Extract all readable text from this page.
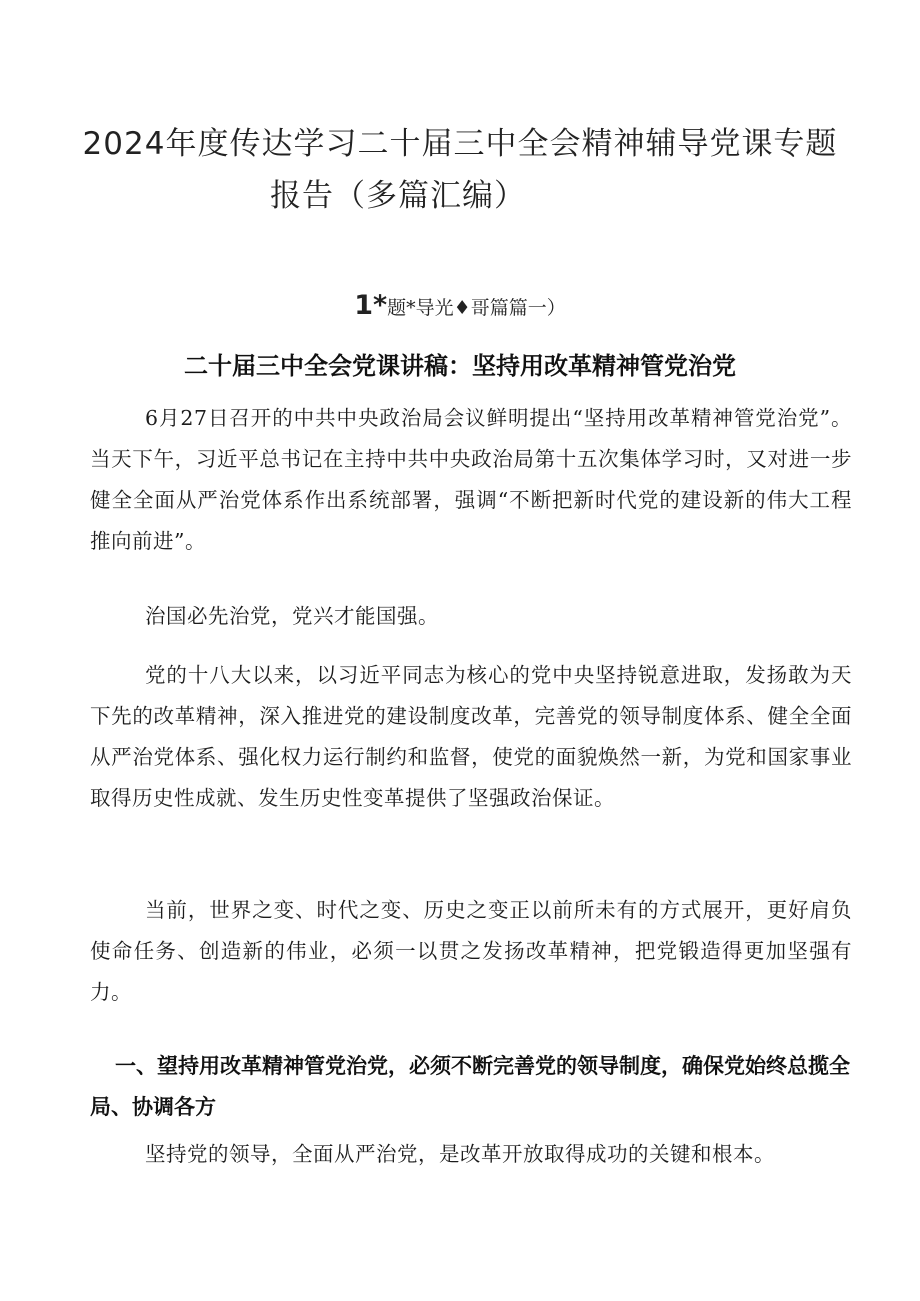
2024年度传达学习二十届三中全会精神辅导党课专题
报告（多篇汇编）
1*题*导光♦哥篇篇一）
二十届三中全会党课讲稿：坚持用改革精神管党治党

6月27日召开的中共中央政治局会议鲜明提出“坚持用改革精神管党治党”。当天下午，习近平总书记在主持中共中央政治局第十五次集体学习时，又对进一步健全全面从严治党体系作出系统部署，强调“不断把新时代党的建设新的伟大工程推向前进”。

治国必先治党，党兴才能国强。

党的十八大以来，以习近平同志为核心的党中央坚持锐意进取，发扬敢为天下先的改革精神，深入推进党的建设制度改革，完善党的领导制度体系、健全全面从严治党体系、强化权力运行制约和监督，使党的面貌焕然一新，为党和国家事业取得历史性成就、发生历史性变革提供了坚强政治保证。

当前，世界之变、时代之变、历史之变正以前所未有的方式展开，更好肩负使命任务、创造新的伟业，必须一以贯之发扬改革精神，把党锻造得更加坚强有力。

一、望持用改革精神管党治党，必须不断完善党的领导制度，确保党始终总揽全局、协调各方

坚持党的领导，全面从严治党，是改革开放取得成功的关键和根本。
